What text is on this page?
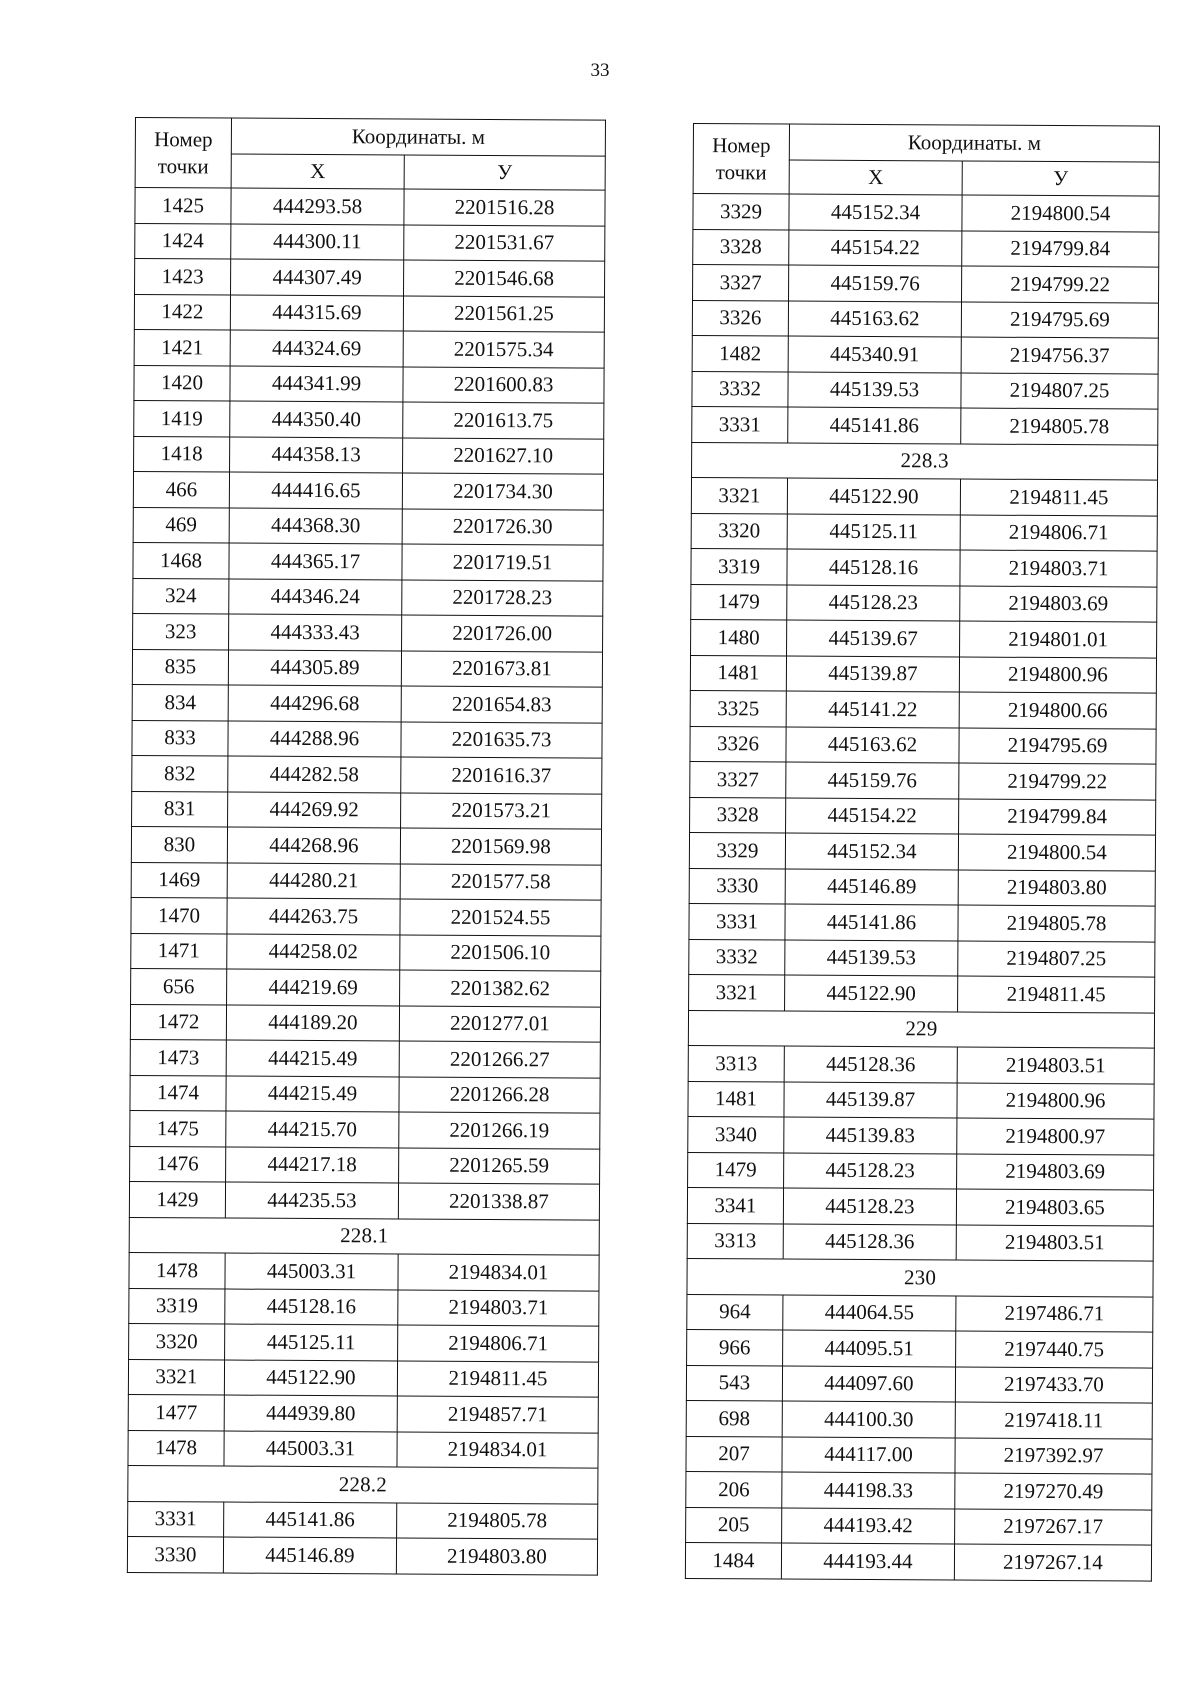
33
Номер
точки	Координаты. м	
	Х	У
1425	444293.58	2201516.28
1424	444300.11	2201531.67
1423	444307.49	2201546.68
1422	444315.69	2201561.25
1421	444324.69	2201575.34
1420	444341.99	2201600.83
1419	444350.40	2201613.75
1418	444358.13	2201627.10
466	444416.65	2201734.30
469	444368.30	2201726.30
1468	444365.17	2201719.51
324	444346.24	2201728.23
323	444333.43	2201726.00
835	444305.89	2201673.81
834	444296.68	2201654.83
833	444288.96	2201635.73
832	444282.58	2201616.37
831	444269.92	2201573.21
830	444268.96	2201569.98
1469	444280.21	2201577.58
1470	444263.75	2201524.55
1471	444258.02	2201506.10
656	444219.69	2201382.62
1472	444189.20	2201277.01
1473	444215.49	2201266.27
1474	444215.49	2201266.28
1475	444215.70	2201266.19
1476	444217.18	2201265.59
1429	444235.53	2201338.87
228.1		
1478	445003.31	2194834.01
3319	445128.16	2194803.71
3320	445125.11	2194806.71
3321	445122.90	2194811.45
1477	444939.80	2194857.71
1478	445003.31	2194834.01
228.2		
3331	445141.86	2194805.78
3330	445146.89	2194803.80
Номер
точки	Координаты. м	
	Х	У
3329	445152.34	2194800.54
3328	445154.22	2194799.84
3327	445159.76	2194799.22
3326	445163.62	2194795.69
1482	445340.91	2194756.37
3332	445139.53	2194807.25
3331	445141.86	2194805.78
228.3		
3321	445122.90	2194811.45
3320	445125.11	2194806.71
3319	445128.16	2194803.71
1479	445128.23	2194803.69
1480	445139.67	2194801.01
1481	445139.87	2194800.96
3325	445141.22	2194800.66
3326	445163.62	2194795.69
3327	445159.76	2194799.22
3328	445154.22	2194799.84
3329	445152.34	2194800.54
3330	445146.89	2194803.80
3331	445141.86	2194805.78
3332	445139.53	2194807.25
3321	445122.90	2194811.45
229		
3313	445128.36	2194803.51
1481	445139.87	2194800.96
3340	445139.83	2194800.97
1479	445128.23	2194803.69
3341	445128.23	2194803.65
3313	445128.36	2194803.51
230		
964	444064.55	2197486.71
966	444095.51	2197440.75
543	444097.60	2197433.70
698	444100.30	2197418.11
207	444117.00	2197392.97
206	444198.33	2197270.49
205	444193.42	2197267.17
1484	444193.44	2197267.14
